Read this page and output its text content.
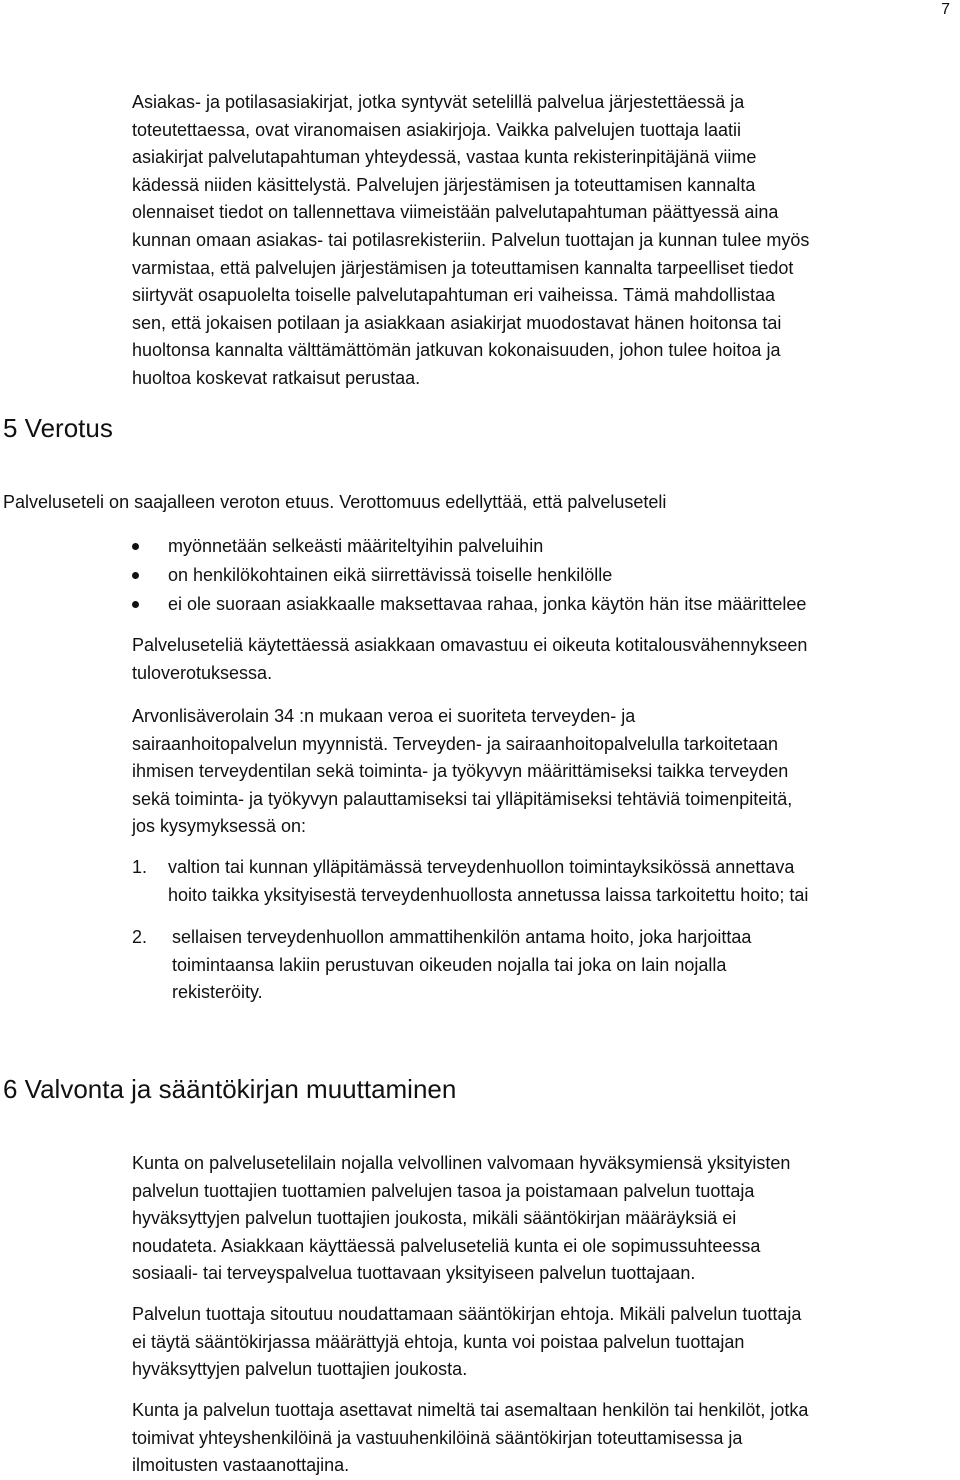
7

Asiakas- ja potilasasiakirjat, jotka syntyvät setelillä palvelua järjestettäessä ja
toteutettaessa, ovat viranomaisen asiakirjoja. Vaikka palvelujen tuottaja laatii
asiakirjat palvelutapahtuman yhteydessä, vastaa kunta rekisterinpitäjänä viime
kädessä niiden käsittelystä. Palvelujen järjestämisen ja toteuttamisen kannalta
olennaiset tiedot on tallennettava viimeistään palvelutapahtuman päättyessä aina
kunnan omaan asiakas- tai potilasrekisteriin. Palvelun tuottajan ja kunnan tulee myös
varmistaa, että palvelujen järjestämisen ja toteuttamisen kannalta tarpeelliset tiedot
siirtyvät osapuolelta toiselle palvelutapahtuman eri vaiheissa. Tämä mahdollistaa
sen, että jokaisen potilaan ja asiakkaan asiakirjat muodostavat hänen hoitonsa tai
huoltonsa kannalta välttämättömän jatkuvan kokonaisuuden, johon tulee hoitoa ja
huoltoa koskevat ratkaisut perustaa.

5 Verotus

Palveluseteli on saajalleen veroton etuus. Verottomuus edellyttää, että palveluseteli

myönnetään selkeästi määriteltyihin palveluihin
on henkilökohtainen eikä siirrettävissä toiselle henkilölle
ei ole suoraan asiakkaalle maksettavaa rahaa, jonka käytön hän itse määrittelee

Palveluseteliä käytettäessä asiakkaan omavastuu ei oikeuta kotitalousvähennykseen
tuloverotuksessa.

Arvonlisäverolain 34 :n mukaan veroa ei suoriteta terveyden- ja
sairaanhoitopalvelun myynnistä. Terveyden- ja sairaanhoitopalvelulla tarkoitetaan
ihmisen terveydentilan sekä toiminta- ja työkyvyn määrittämiseksi taikka terveyden
sekä toiminta- ja työkyvyn palauttamiseksi tai ylläpitämiseksi tehtäviä toimenpiteitä,
jos kysymyksessä on:

1. valtion tai kunnan ylläpitämässä terveydenhuollon toimintayksikössä annettava
hoito taikka yksityisestä terveydenhuollosta annetussa laissa tarkoitettu hoito; tai
2. sellaisen terveydenhuollon ammattihenkilön antama hoito, joka harjoittaa
toimintaansa lakiin perustuvan oikeuden nojalla tai joka on lain nojalla
rekisteröity.
6 Valvonta ja sääntökirjan muuttaminen

Kunta on palvelusetelilain nojalla velvollinen valvomaan hyväksymiensä yksityisten
palvelun tuottajien tuottamien palvelujen tasoa ja poistamaan palvelun tuottaja
hyväksyttyjen palvelun tuottajien joukosta, mikäli sääntökirjan määräyksiä ei
noudateta. Asiakkaan käyttäessä palveluseteliä kunta ei ole sopimussuhteessa
sosiaali- tai terveyspalvelua tuottavaan yksityiseen palvelun tuottajaan.

Palvelun tuottaja sitoutuu noudattamaan sääntökirjan ehtoja. Mikäli palvelun tuottaja
ei täytä sääntökirjassa määrättyjä ehtoja, kunta voi poistaa palvelun tuottajan
hyväksyttyjen palvelun tuottajien joukosta.

Kunta ja palvelun tuottaja asettavat nimeltä tai asemaltaan henkilön tai henkilöt, jotka
toimivat yhteyshenkilöinä ja vastuuhenkilöinä sääntökirjan toteuttamisessa ja
ilmoitusten vastaanottajina.
